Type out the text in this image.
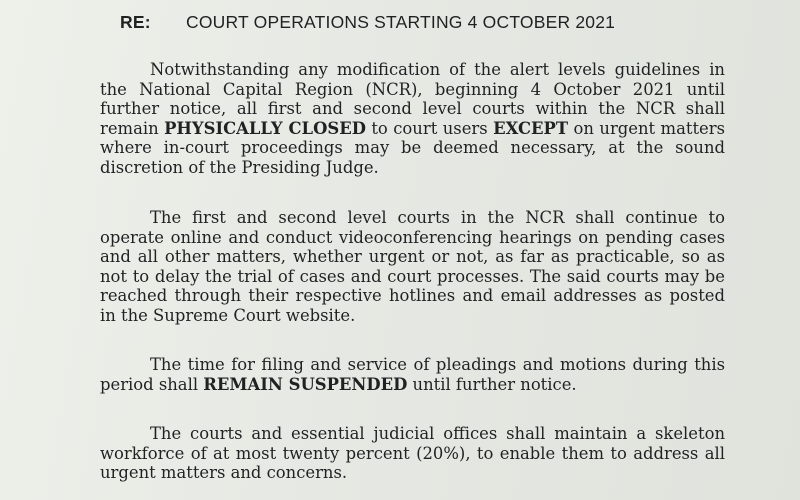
RE: COURT OPERATIONS STARTING 4 OCTOBER 2021

Notwithstanding any modification of the alert levels guidelines in the National Capital Region (NCR), beginning 4 October 2021 until further notice, all first and second level courts within the NCR shall remain PHYSICALLY CLOSED to court users EXCEPT on urgent matters where in-court proceedings may be deemed necessary, at the sound discretion of the Presiding Judge.

The first and second level courts in the NCR shall continue to operate online and conduct videoconferencing hearings on pending cases and all other matters, whether urgent or not, as far as practicable, so as not to delay the trial of cases and court processes. The said courts may be reached through their respective hotlines and email addresses as posted in the Supreme Court website.

The time for filing and service of pleadings and motions during this period shall REMAIN SUSPENDED until further notice.

The courts and essential judicial offices shall maintain a skeleton workforce of at most twenty percent (20%), to enable them to address all urgent matters and concerns.
